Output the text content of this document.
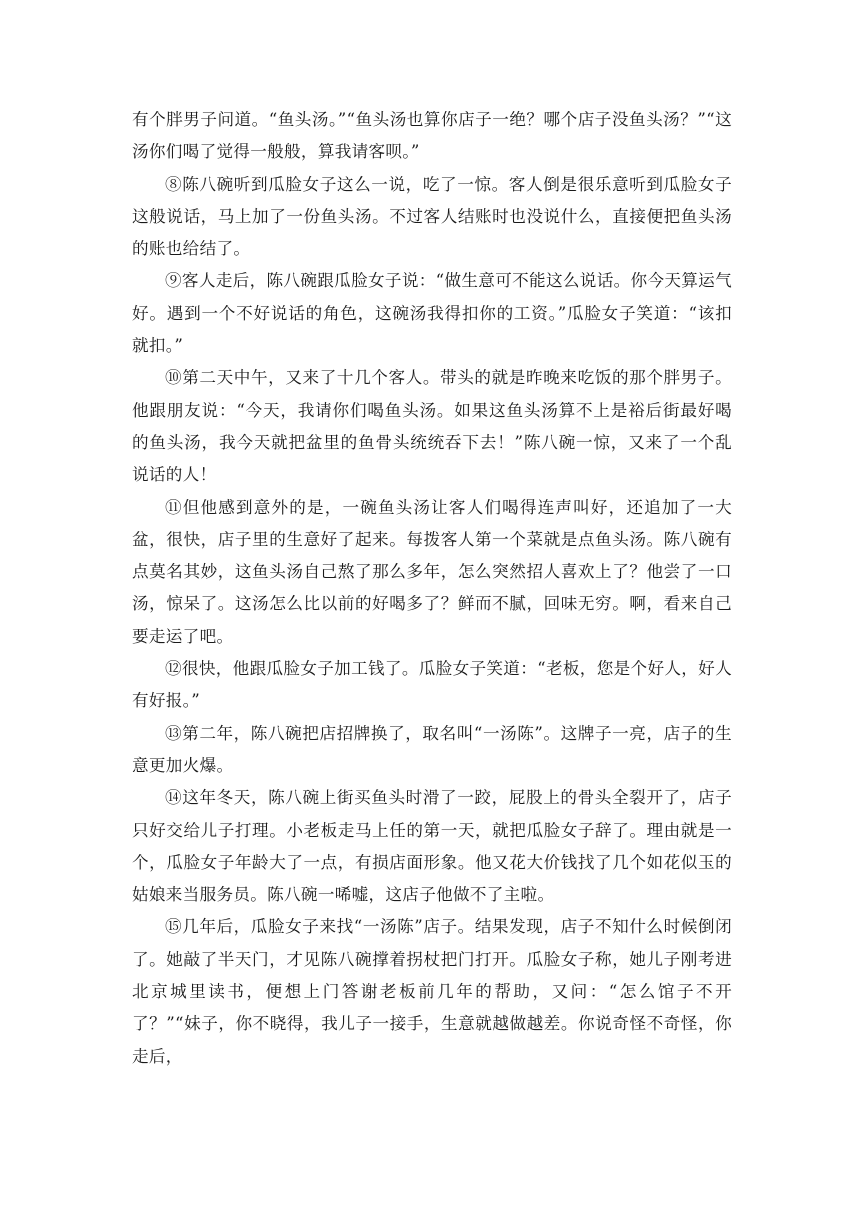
有个胖男子问道。“鱼头汤。”“鱼头汤也算你店子一绝？哪个店子没鱼头汤？”“这汤你们喝了觉得一般般，算我请客呗。”

⑧陈八碗听到瓜脸女子这么一说，吃了一惊。客人倒是很乐意听到瓜脸女子这般说话，马上加了一份鱼头汤。不过客人结账时也没说什么，直接便把鱼头汤的账也给结了。

⑨客人走后，陈八碗跟瓜脸女子说：“做生意可不能这么说话。你今天算运气好。遇到一个不好说话的角色，这碗汤我得扣你的工资。”瓜脸女子笑道：“该扣就扣。”

⑩第二天中午，又来了十几个客人。带头的就是昨晚来吃饭的那个胖男子。他跟朋友说：“今天，我请你们喝鱼头汤。如果这鱼头汤算不上是裕后街最好喝的鱼头汤，我今天就把盆里的鱼骨头统统吞下去！”陈八碗一惊，又来了一个乱说话的人！

⑪但他感到意外的是，一碗鱼头汤让客人们喝得连声叫好，还追加了一大盆，很快，店子里的生意好了起来。每拨客人第一个菜就是点鱼头汤。陈八碗有点莫名其妙，这鱼头汤自己熬了那么多年，怎么突然招人喜欢上了？他尝了一口汤，惊呆了。这汤怎么比以前的好喝多了？鲜而不腻，回味无穷。啊，看来自己要走运了吧。

⑫很快，他跟瓜脸女子加工钱了。瓜脸女子笑道：“老板，您是个好人，好人有好报。”

⑬第二年，陈八碗把店招牌换了，取名叫“一汤陈”。这牌子一亮，店子的生意更加火爆。

⑭这年冬天，陈八碗上街买鱼头时滑了一跤，屁股上的骨头全裂开了，店子只好交给儿子打理。小老板走马上任的第一天，就把瓜脸女子辞了。理由就是一个，瓜脸女子年龄大了一点，有损店面形象。他又花大价钱找了几个如花似玉的姑娘来当服务员。陈八碗一唏嘘，这店子他做不了主啦。

⑮几年后，瓜脸女子来找“一汤陈”店子。结果发现，店子不知什么时候倒闭了。她敲了半天门，才见陈八碗撑着拐杖把门打开。瓜脸女子称，她儿子刚考进北京城里读书，便想上门答谢老板前几年的帮助，又问：“怎么馆子不开了？”“妹子，你不晓得，我儿子一接手，生意就越做越差。你说奇怪不奇怪，你走后，
